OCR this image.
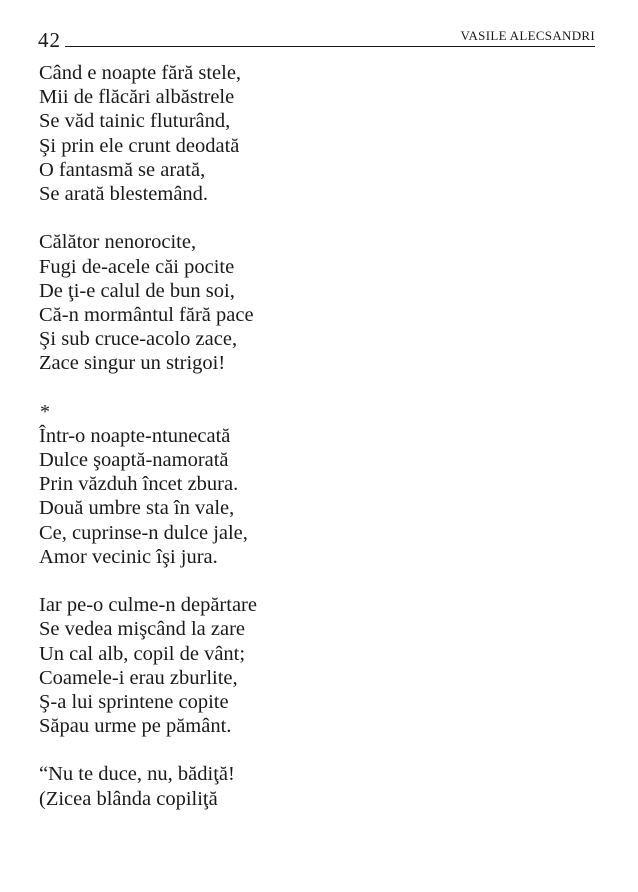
42	VASILE ALECSANDRI
Când e noapte fără stele,
Mii de flăcări albăstrele
Se văd tainic fluturând,
Şi prin ele crunt deodată
O fantasmă se arată,
Se arată blestemând.
Călător nenorocite,
Fugi de-acele căi pocite
De ţi-e calul de bun soi,
Că-n mormântul fără pace
Şi sub cruce-acolo zace,
Zace singur un strigoi!
*
Într-o noapte-ntunecată
Dulce şoaptă-namorată
Prin văzduh încet zbura.
Două umbre sta în vale,
Ce, cuprinse-n dulce jale,
Amor vecinic îşi jura.
Iar pe-o culme-n depărtare
Se vedea mişcând la zare
Un cal alb, copil de vânt;
Coamele-i erau zburlite,
Ş-a lui sprintene copite
Săpau urme pe pământ.
“Nu te duce, nu, bădiţă!
(Zicea blânda copiliţă
